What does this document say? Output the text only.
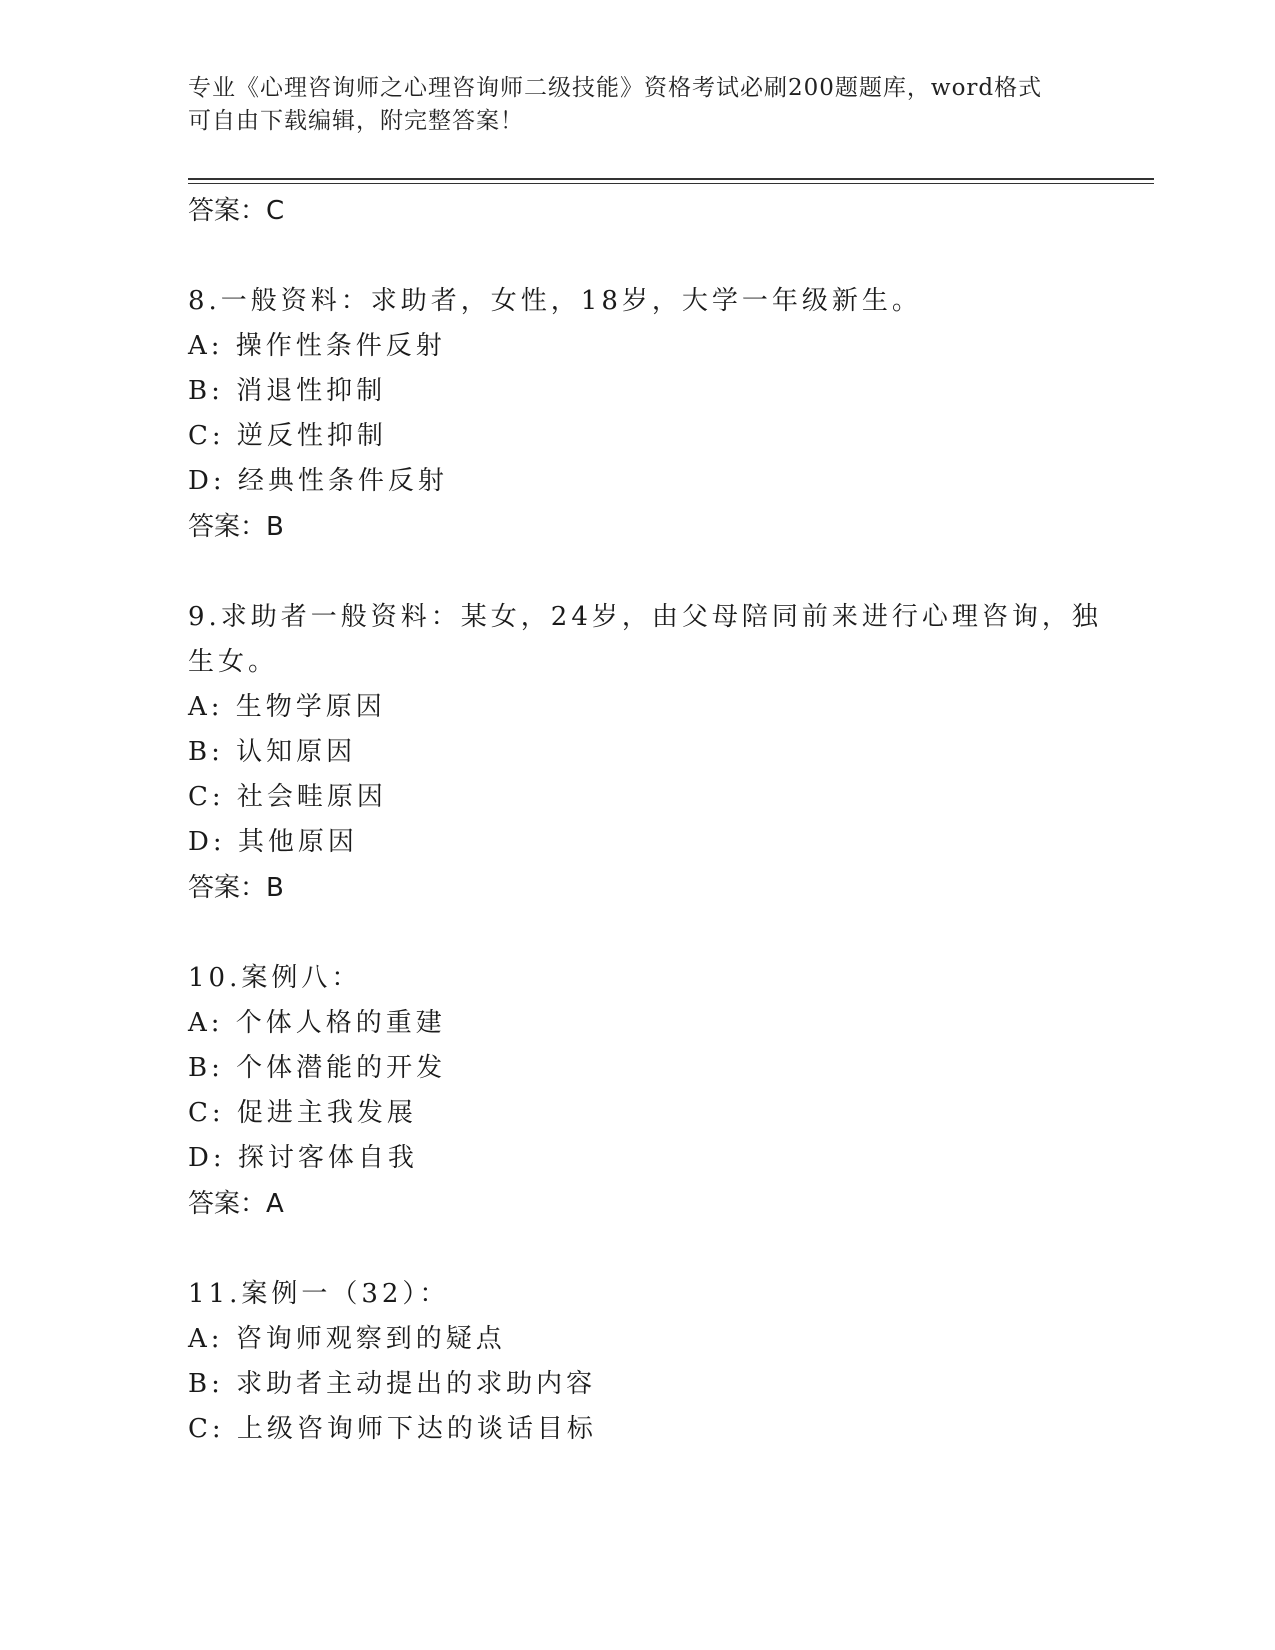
专业《心理咨询师之心理咨询师二级技能》资格考试必刷200题题库，word格式
可自由下载编辑，附完整答案！
答案：C
8.一般资料：求助者，女性，18岁，大学一年级新生。
A: 操作性条件反射
B: 消退性抑制
C: 逆反性抑制
D: 经典性条件反射
答案：B
9.求助者一般资料：某女，24岁，由父母陪同前来进行心理咨询，独
生女。
A: 生物学原因
B: 认知原因
C: 社会畦原因
D: 其他原因
答案：B
10.案例八：
A: 个体人格的重建
B: 个体潜能的开发
C: 促进主我发展
D: 探讨客体自我
答案：A
11.案例一（32）：
A: 咨询师观察到的疑点
B: 求助者主动提出的求助内容
C: 上级咨询师下达的谈话目标
